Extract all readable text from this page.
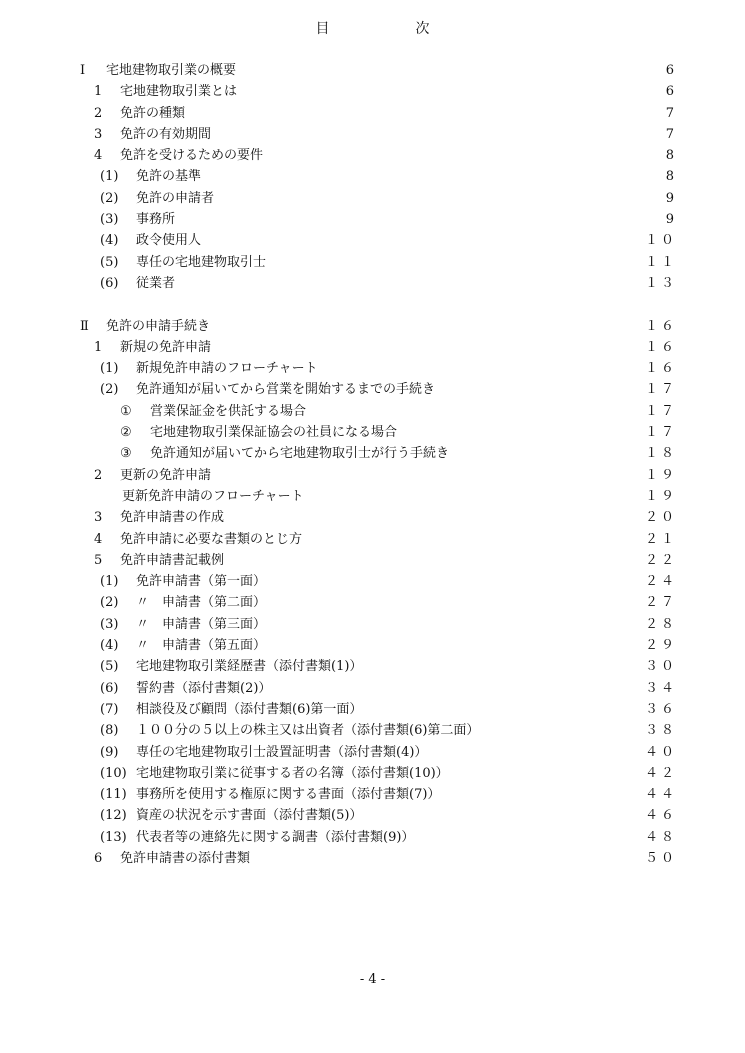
目	次
Ⅰ	宅地建物取引業の概要	6
1	宅地建物取引業とは	6
2	免許の種類	7
3	免許の有効期間	7
4	免許を受けるための要件	8
(1)	免許の基準	8
(2)	免許の申請者	9
(3)	事務所	9
(4)	政令使用人	１０
(5)	専任の宅地建物取引士	１１
(6)	従業者	１３
Ⅱ	免許の申請手続き	１６
1	新規の免許申請	１６
(1)	新規免許申請のフローチャート	１６
(2)	免許通知が届いてから営業を開始するまでの手続き	１７
①	営業保証金を供託する場合	１７
②	宅地建物取引業保証協会の社員になる場合	１７
③	免許通知が届いてから宅地建物取引士が行う手続き	１８
2	更新の免許申請	１９
更新免許申請のフローチャート	１９
3	免許申請書の作成	２０
4	免許申請に必要な書類のとじ方	２１
5	免許申請書記載例	２２
(1)	免許申請書（第一面）	２４
(2)	〃　申請書（第二面）	２７
(3)	〃　申請書（第三面）	２８
(4)	〃　申請書（第五面）	２９
(5)	宅地建物取引業経歴書（添付書類(1)）	３０
(6)	誓約書（添付書類(2)）	３４
(7)	相談役及び顧問（添付書類(6)第一面）	３６
(8)	１００分の５以上の株主又は出資者（添付書類(6)第二面）	３８
(9)	専任の宅地建物取引士設置証明書（添付書類(4)）	４０
(10) 宅地建物取引業に従事する者の名簿（添付書類(10)）	４２
(11) 事務所を使用する権原に関する書面（添付書類(7)）	４４
(12) 資産の状況を示す書面（添付書類(5)）	４６
(13) 代表者等の連絡先に関する調書（添付書類(9)）	４８
6	免許申請書の添付書類	５０
- 4 -
